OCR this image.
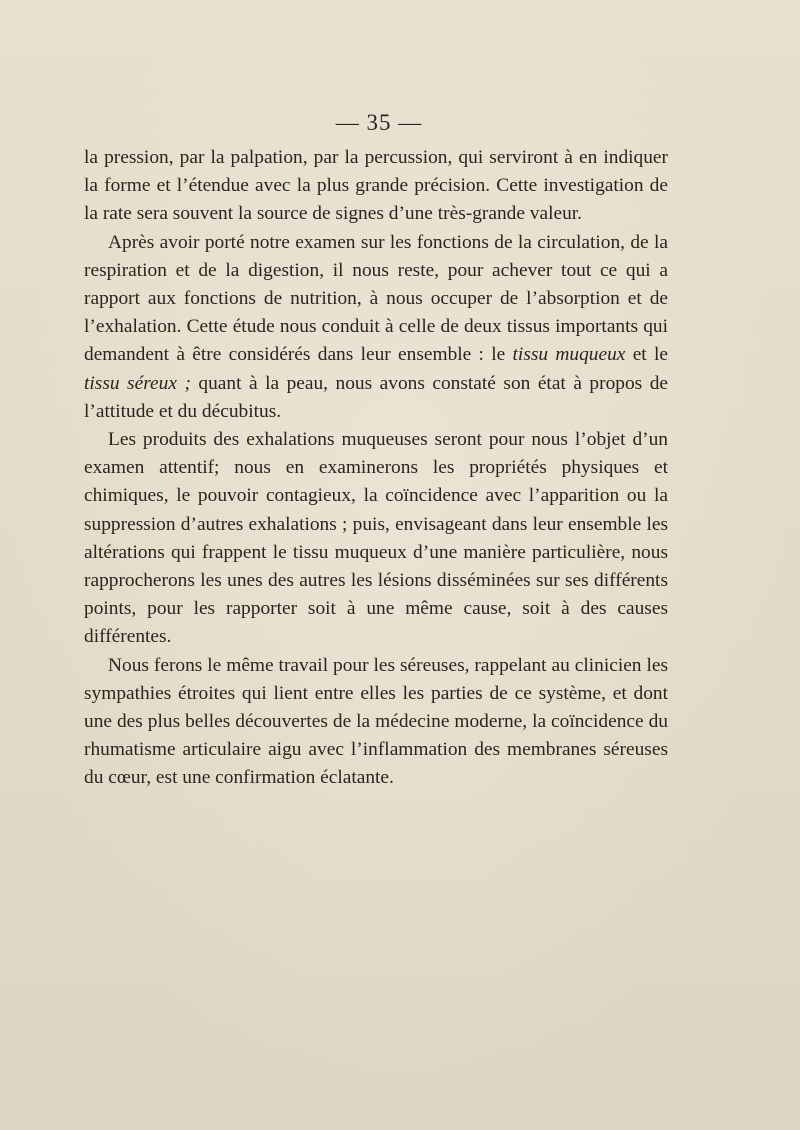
— 35 —

la pression, par la palpation, par la percussion, qui serviront à en indiquer la forme et l’étendue avec la plus grande précision. Cette investigation de la rate sera souvent la source de signes d’une très-grande valeur.

Après avoir porté notre examen sur les fonctions de la circulation, de la respiration et de la digestion, il nous reste, pour achever tout ce qui a rapport aux fonctions de nutrition, à nous occuper de l’absorption et de l’exhalation. Cette étude nous conduit à celle de deux tissus importants qui demandent à être considérés dans leur ensemble : le tissu muqueux et le tissu séreux ; quant à la peau, nous avons constaté son état à propos de l’attitude et du décubitus.

Les produits des exhalations muqueuses seront pour nous l’objet d’un examen attentif; nous en examinerons les propriétés physiques et chimiques, le pouvoir contagieux, la coïncidence avec l’apparition ou la suppression d’autres exhalations ; puis, envisageant dans leur ensemble les altérations qui frappent le tissu muqueux d’une manière particulière, nous rapprocherons les unes des autres les lésions disséminées sur ses différents points, pour les rapporter soit à une même cause, soit à des causes différentes.

Nous ferons le même travail pour les séreuses, rappelant au clinicien les sympathies étroites qui lient entre elles les parties de ce système, et dont une des plus belles découvertes de la médecine moderne, la coïncidence du rhumatisme articulaire aigu avec l’inflammation des membranes séreuses du cœur, est une confirmation éclatante.
